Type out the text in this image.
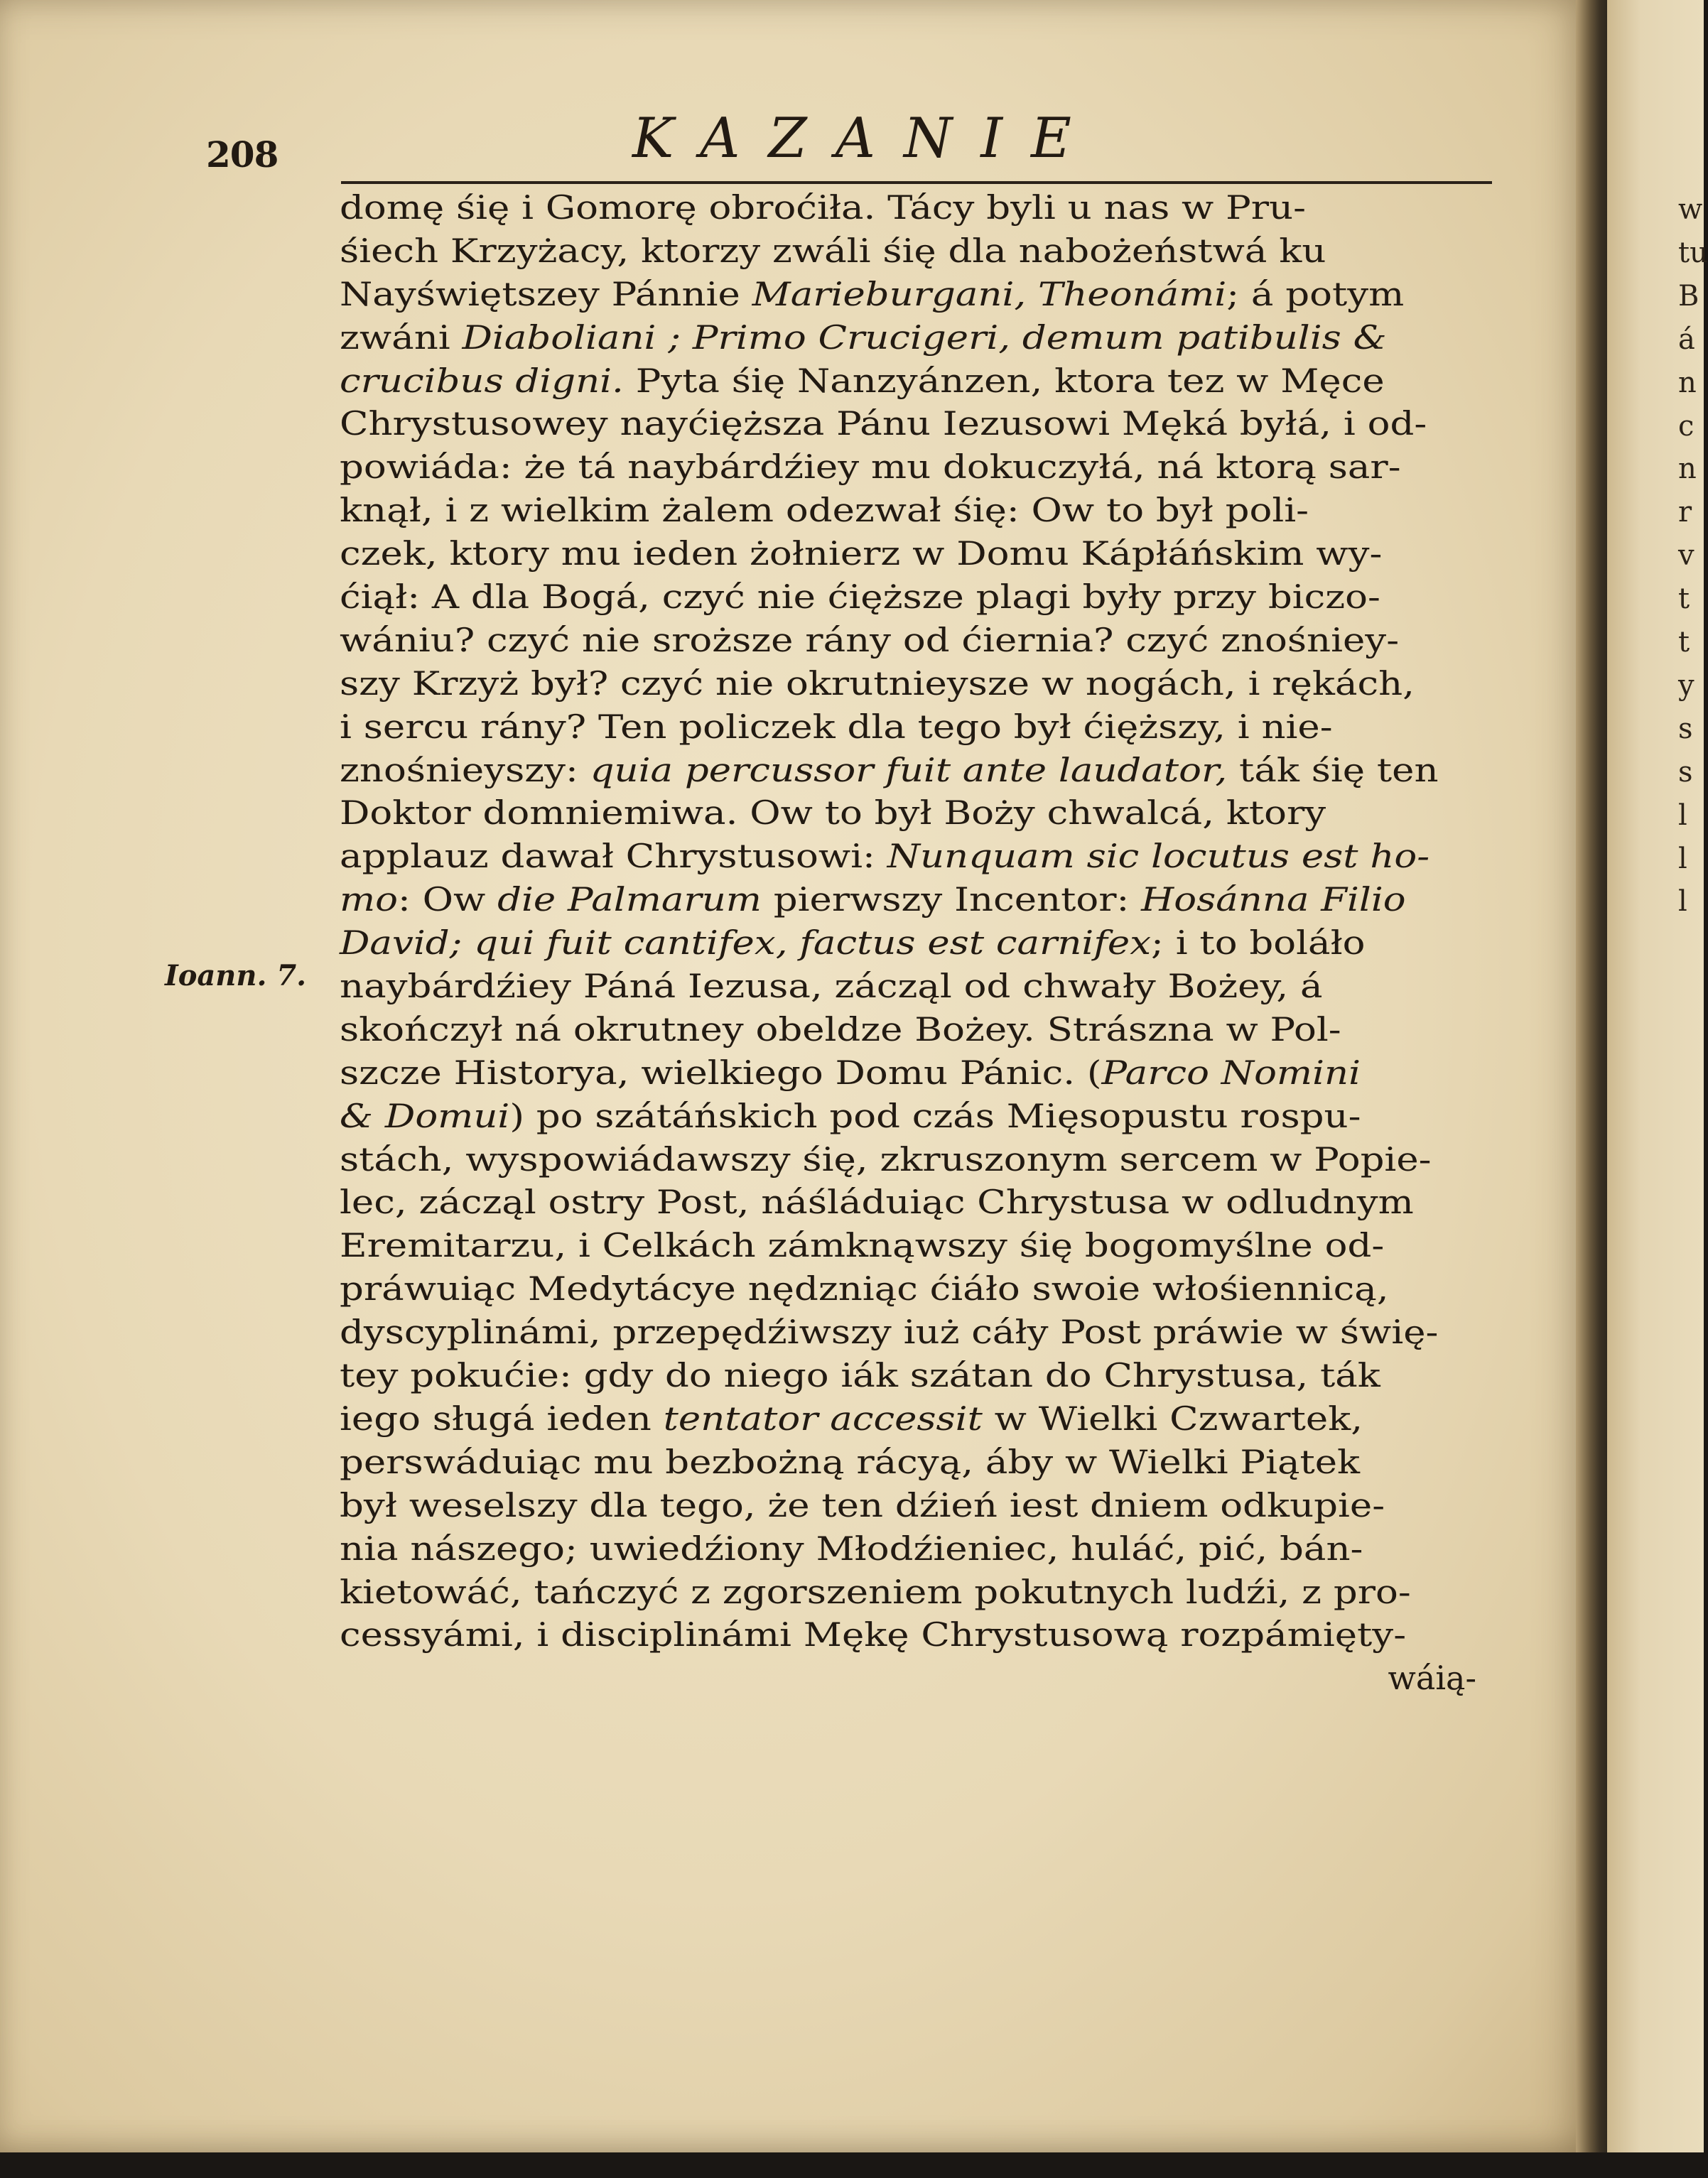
208	KAZANIE
Ioann. 7.
domę śię i Gomorę obroćiła. Tácy byli u nas w Pru-
śiech Krzyżacy, ktorzy zwáli śię dla nabożeństwá ku
Nayświętszey Pánnie Marieburgani, Theonámi; á potym
zwáni Diaboliani ; Primo Crucigeri, demum patibulis &
crucibus digni. Pyta śię Nanzyánzen, ktora tez w Męce
Chrystusowey nayćięższa Pánu Iezusowi Męká byłá, i od-
powiáda: że tá naybárdźiey mu dokuczyłá, ná ktorą sar-
knął, i z wielkim żalem odezwał śię: Ow to był poli-
czek, ktory mu ieden żołnierz w Domu Kápłáńskim wy-
ćiął: A dla Bogá, czyć nie ćięższe plagi były przy biczo-
wániu? czyć nie sroższe rány od ćiernia? czyć znośniey-
szy Krzyż był? czyć nie okrutnieysze w nogách, i rękách,
i sercu rány? Ten policzek dla tego był ćięższy, i nie-
znośnieyszy: quia percussor fuit ante laudator, ták śię ten
Doktor domniemiwa. Ow to był Boży chwalcá, ktory
applauz dawał Chrystusowi: Nunquam sic locutus est ho-
mo: Ow die Palmarum pierwszy Incentor: Hosánna Filio
David; qui fuit cantifex, factus est carnifex; i to boláło
naybárdźiey Páná Iezusa, zácząl od chwały Bożey, á
skończył ná okrutney obeldze Bożey. Strászna w Pol-
szcze Historya, wielkiego Domu Pánic. (Parco Nomini
& Domui) po szátáńskich pod czás Mięsopustu rospu-
stách, wyspowiádawszy śię, zkruszonym sercem w Popie-
lec, zácząl ostry Post, náśláduiąc Chrystusa w odludnym
Eremitarzu, i Celkách zámknąwszy śię bogomyślne od-
práwuiąc Medytácye nędzniąc ćiáło swoie włośiennicą,
dyscyplinámi, przepędźiwszy iuż cáły Post práwie w świę-
tey pokućie: gdy do niego iák szátan do Chrystusa, ták
iego sługá ieden tentator accessit w Wielki Czwartek,
perswáduiąc mu bezbożną rácyą, áby w Wielki Piątek
był weselszy dla tego, że ten dźień iest dniem odkupie-
nia nászego; uwiedźiony Młodźieniec, huláć, pić, bán-
kietowáć, tańczyć z zgorszeniem pokutnych ludźi, z pro-
cessyámi, i disciplinámi Mękę Chrystusową rozpámięty-
wáią-
w
tu
B
á
n
c
n
r
v
t
t
y
s
s
l
l
l
